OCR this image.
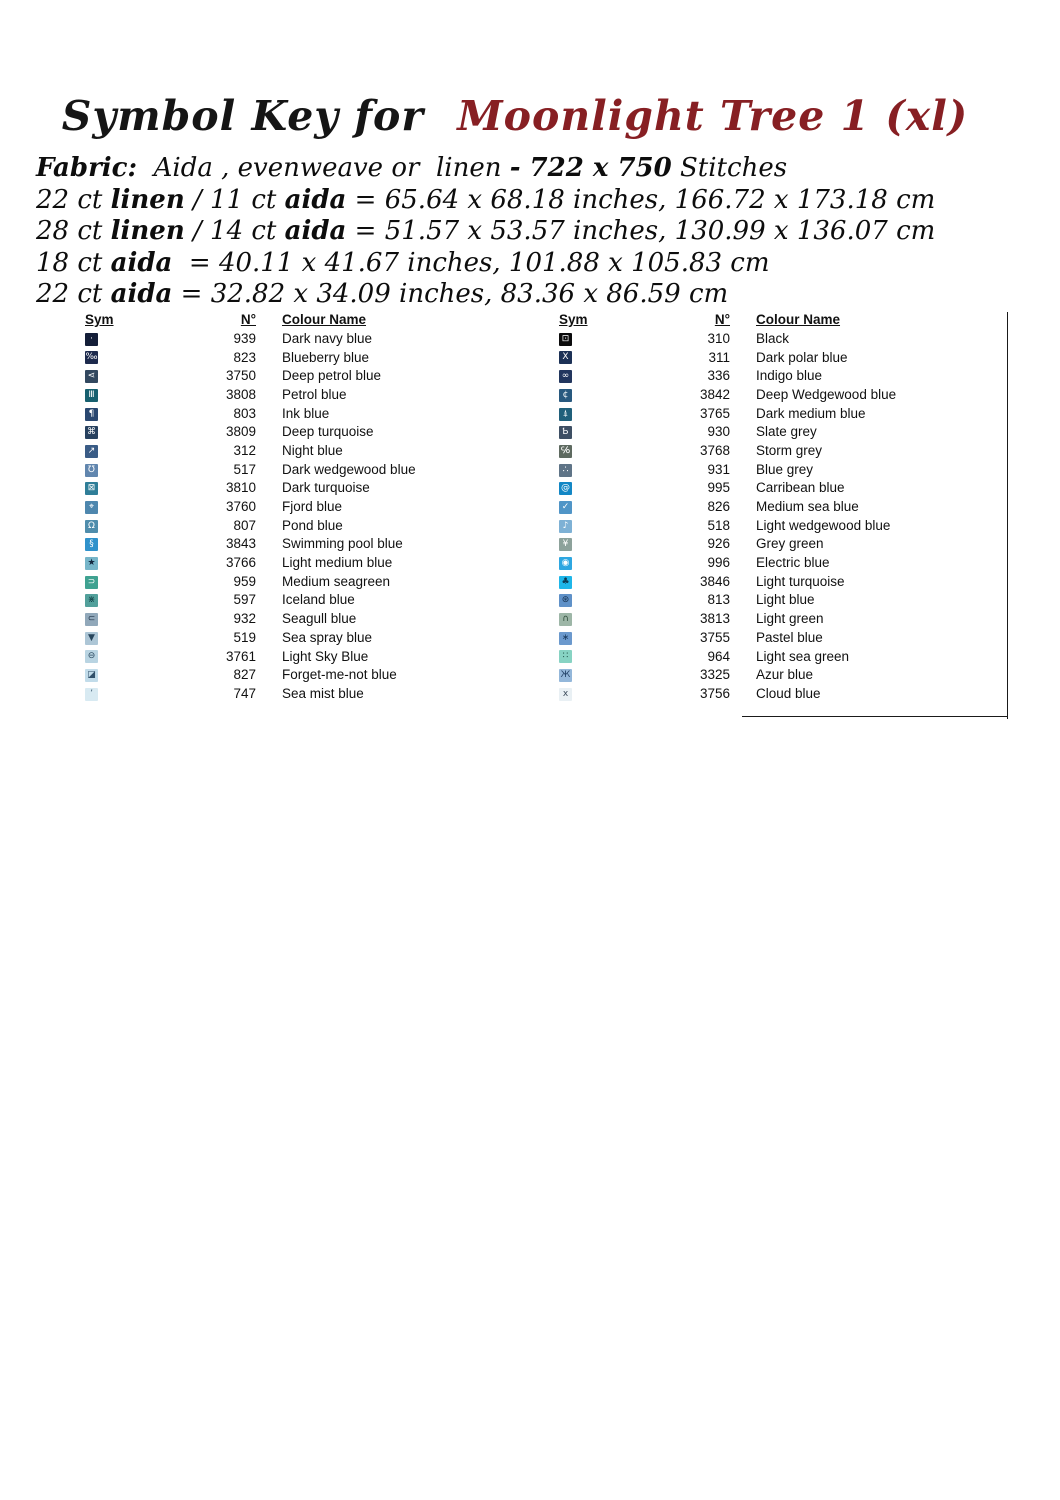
Symbol Key for Moonlight Tree 1 (xl)
Fabric:  Aida , evenweave or  linen - 722 x 750 Stitches
22 ct linen / 11 ct aida = 65.64 x 68.18 inches, 166.72 x 173.18 cm
28 ct linen / 14 ct aida = 51.57 x 53.57 inches, 130.99 x 136.07 cm
18 ct aida  = 40.11 x 41.67 inches, 101.88 x 105.83 cm
22 ct aida = 32.82 x 34.09 inches, 83.36 x 86.59 cm
Sym	N° Colour Name
·	939 Dark navy blue
‰	823 Blueberry blue
⋖	3750 Deep petrol blue
Ⅲ	3808 Petrol blue
¶	803 Ink blue
⌘	3809 Deep turquoise
↗	312 Night blue
℧	517 Dark wedgewood blue
⊠	3810 Dark turquoise
⌖	3760 Fjord blue
Ω	807 Pond blue
§	3843 Swimming pool blue
★	3766 Light medium blue
⊃	959 Medium seagreen
⋇	597 Iceland blue
⊂	932 Seagull blue
▼	519 Sea spray blue
⊖	3761 Light Sky Blue
◪	827 Forget-me-not blue
’	747 Sea mist blue
Sym	N° Colour Name
⊡	310 Black
X	311 Dark polar blue
∞	336 Indigo blue
¢	3842 Deep Wedgewood blue
⍋	3765 Dark medium blue
Ƅ	930 Slate grey
℅	3768 Storm grey
∴	931 Blue grey
@	995 Carribean blue
✓	826 Medium sea blue
♪	518 Light wedgewood blue
¥	926 Grey green
◉	996 Electric blue
♣	3846 Light turquoise
⊛	813 Light blue
∩	3813 Light green
∗	3755 Pastel blue
∷	964 Light sea green
Ж	3325 Azur blue
x	3756 Cloud blue
